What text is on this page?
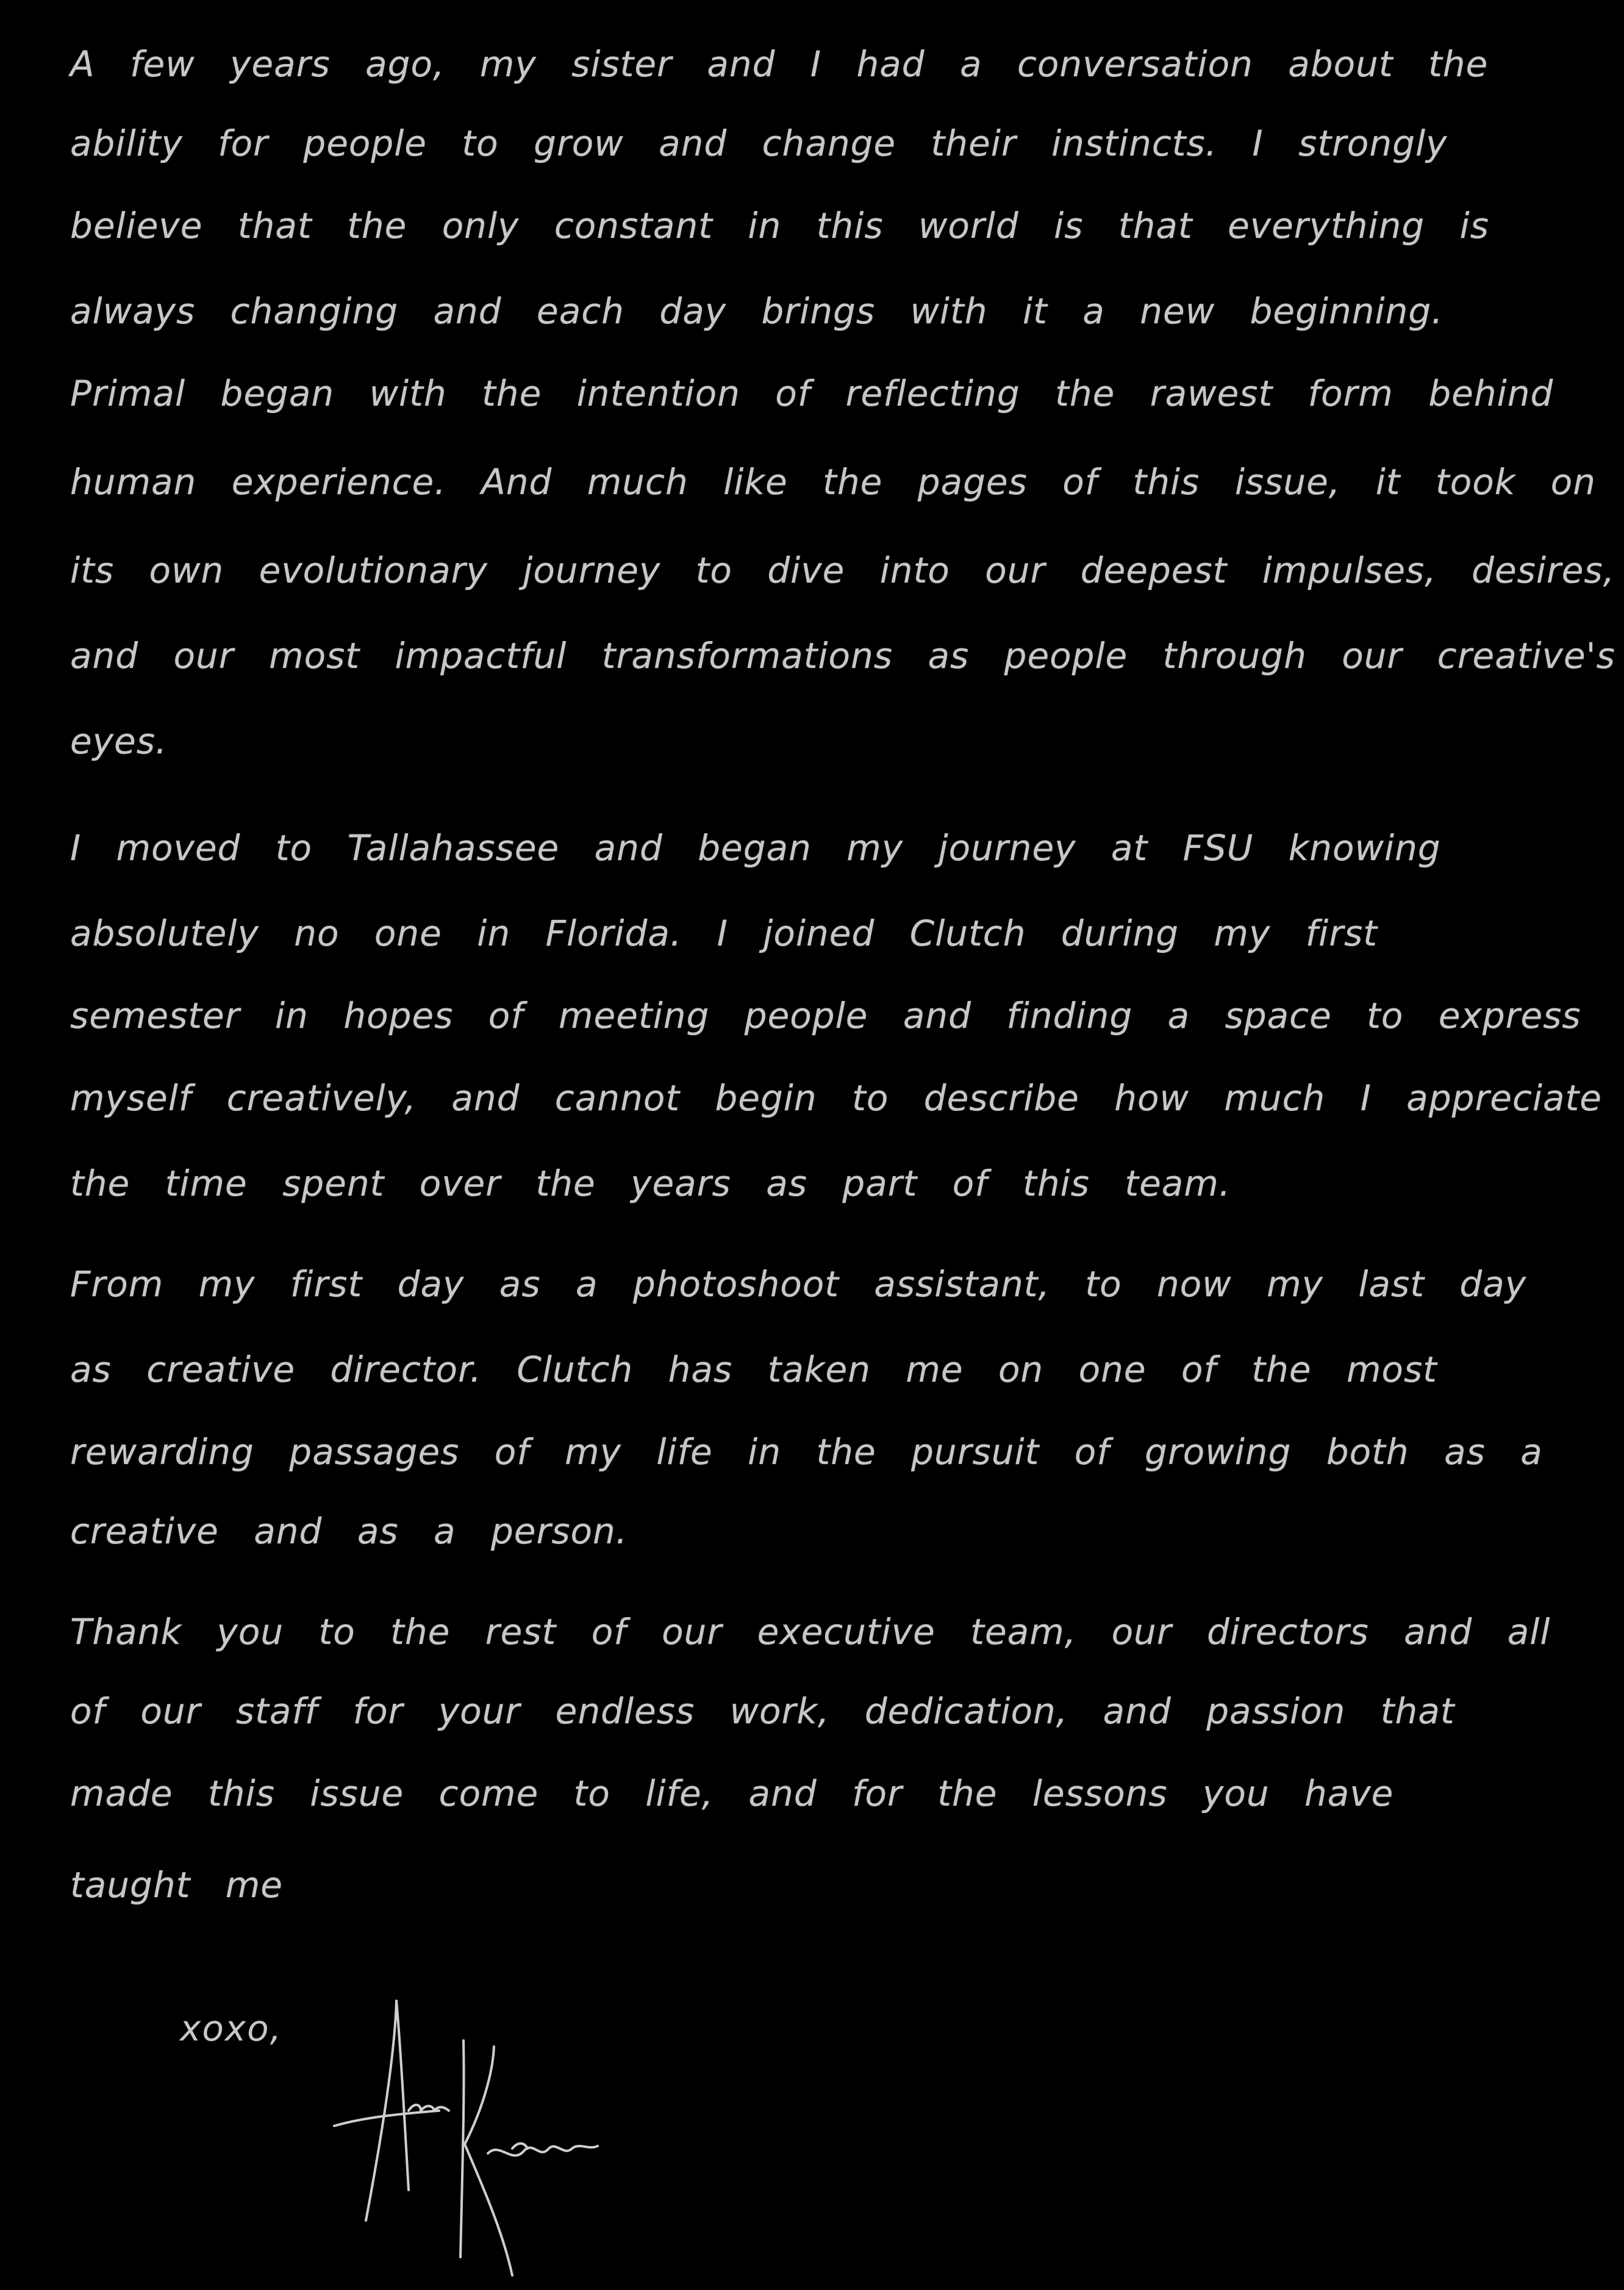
A few years ago, my sister and I had a conversation about the
ability for people to grow and change their instincts. I strongly
believe that the only constant in this world is that everything is
always changing and each day brings with it a new beginning.
Primal began with the intention of reflecting the rawest form behind
human experience. And much like the pages of this issue, it took on
its own evolutionary journey to dive into our deepest impulses, desires,
and our most impactful transformations as people through our creative's
eyes.
I moved to Tallahassee and began my journey at FSU knowing
absolutely no one in Florida. I joined Clutch during my first
semester in hopes of meeting people and finding a space to express
myself creatively, and cannot begin to describe how much I appreciate
the time spent over the years as part of this team.
From my first day as a photoshoot assistant, to now my last day
as creative director. Clutch has taken me on one of the most
rewarding passages of my life in the pursuit of growing both as a
creative and as a person.
Thank you to the rest of our executive team, our directors and all
of our staff for your endless work, dedication, and passion that
made this issue come to life, and for the lessons you have
taught me
xoxo,
